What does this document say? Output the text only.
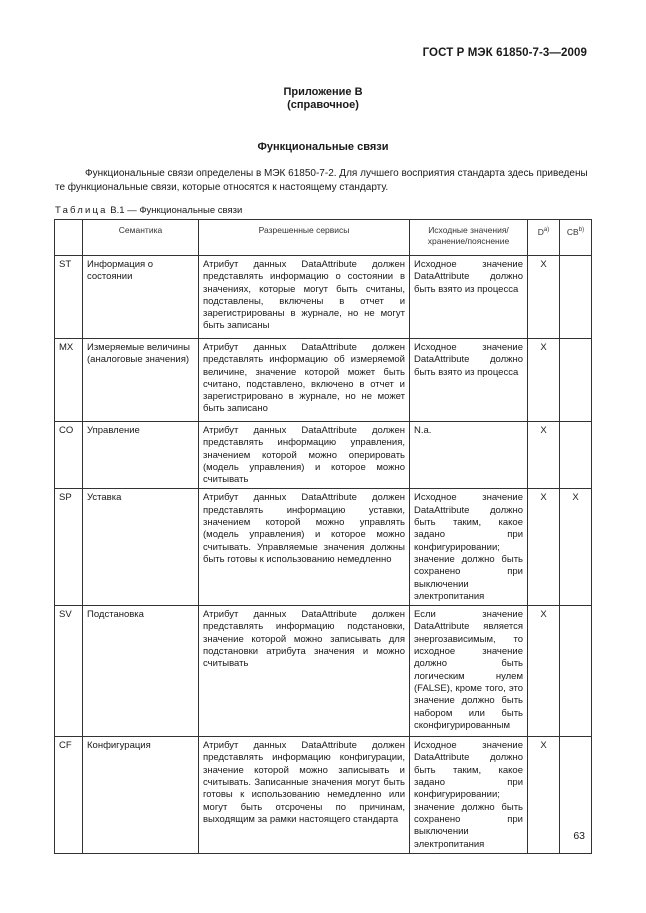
ГОСТ Р МЭК 61850-7-3—2009
Приложение В
(справочное)
Функциональные связи
Функциональные связи определены в МЭК 61850-7-2. Для лучшего восприятия стандарта здесь приведены
те функциональные связи, которые относятся к настоящему стандарту.
Таблица В.1 — Функциональные связи
	Семантика	Разрешенные сервисы	Исходные значения/ хранение/пояснение	$D^{а)}$	CB$^{b)}$
ST	Информация о состоянии	Атрибут данных DataAttribute должен представлять информацию о состоянии в значениях, которые могут быть считаны, подставлены, включены в отчет и зарегистрированы в журнале, но не могут быть записаны	Исходное значение DataAttribute должно быть взято из процесса	X	
MX	Измеряемые величины (аналоговые значения)	Атрибут данных DataAttribute должен представлять информацию об измеряемой величине, значение которой может быть считано, подставлено, включено в отчет и зарегистрировано в журнале, но не может быть записано	Исходное значение DataAttribute должно быть взято из процесса	X	
CO	Управление	Атрибут данных DataAttribute должен представлять информацию управления, значением которой можно оперировать (модель управления) и которое можно считывать	N.a.	X	
SP	Уставка	Атрибут данных DataAttribute должен представлять информацию уставки, значением которой можно управлять (модель управления) и которое можно считывать. Управляемые значения должны быть готовы к использованию немедленно	Исходное значение DataAttribute должно быть таким, какое задано при конфигурировании; значение должно быть сохранено при выключении электропитания	X	X
SV	Подстановка	Атрибут данных DataAttribute должен представлять информацию подстановки, значение которой можно записывать для подстановки атрибута значения и можно считывать	Если значение DataAttribute является энергозависимым, то исходное значение должно быть логическим нулем (FALSE), кроме того, это значение должно быть набором или быть сконфигурированным	X	
CF	Конфигурация	Атрибут данных DataAttribute должен представлять информацию конфигурации, значение которой можно записывать и считывать. Записанные значения могут быть готовы к использованию немедленно или могут быть отсрочены по причинам, выходящим за рамки настоящего стандарта	Исходное значение DataAttribute должно быть таким, какое задано при конфигурировании; значение должно быть сохранено при выключении электропитания	X	
63
